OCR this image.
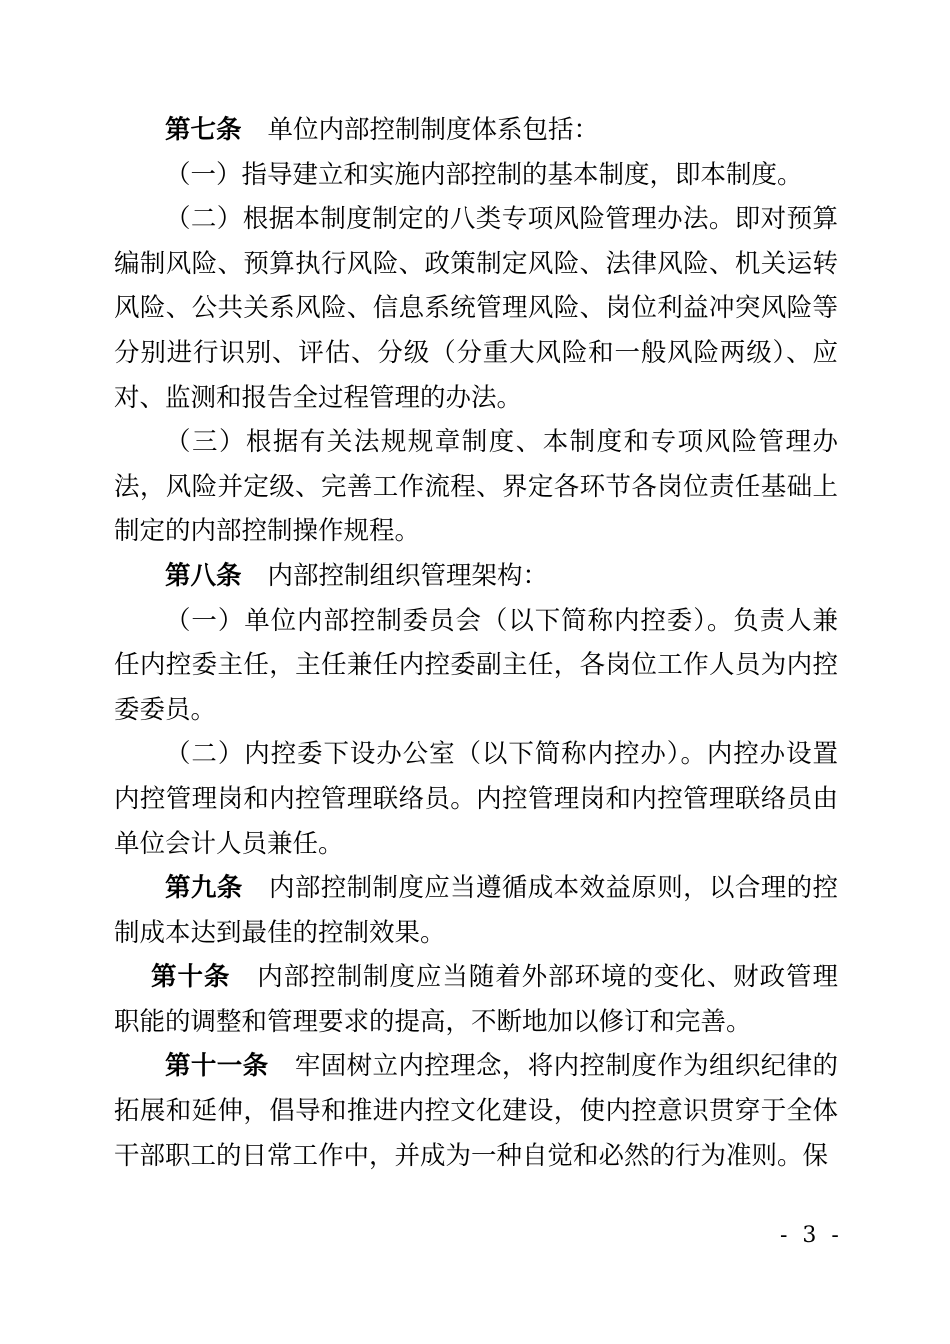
第七条 单位内部控制制度体系包括：

（一）指导建立和实施内部控制的基本制度，即本制度。

（二）根据本制度制定的八类专项风险管理办法。即对预算编制风险、预算执行风险、政策制定风险、法律风险、机关运转风险、公共关系风险、信息系统管理风险、岗位利益冲突风险等分别进行识别、评估、分级（分重大风险和一般风险两级）、应对、监测和报告全过程管理的办法。

（三）根据有关法规规章制度、本制度和专项风险管理办法，风险并定级、完善工作流程、界定各环节各岗位责任基础上制定的内部控制操作规程。

第八条 内部控制组织管理架构：

（一）单位内部控制委员会（以下简称内控委）。负责人兼任内控委主任，主任兼任内控委副主任，各岗位工作人员为内控委委员。

（二）内控委下设办公室（以下简称内控办）。内控办设置内控管理岗和内控管理联络员。内控管理岗和内控管理联络员由单位会计人员兼任。

第九条 内部控制制度应当遵循成本效益原则，以合理的控制成本达到最佳的控制效果。

第十条 内部控制制度应当随着外部环境的变化、财政管理职能的调整和管理要求的提高，不断地加以修订和完善。

第十一条 牢固树立内控理念，将内控制度作为组织纪律的拓展和延伸，倡导和推进内控文化建设，使内控意识贯穿于全体干部职工的日常工作中，并成为一种自觉和必然的行为准则。保

- 3 -
